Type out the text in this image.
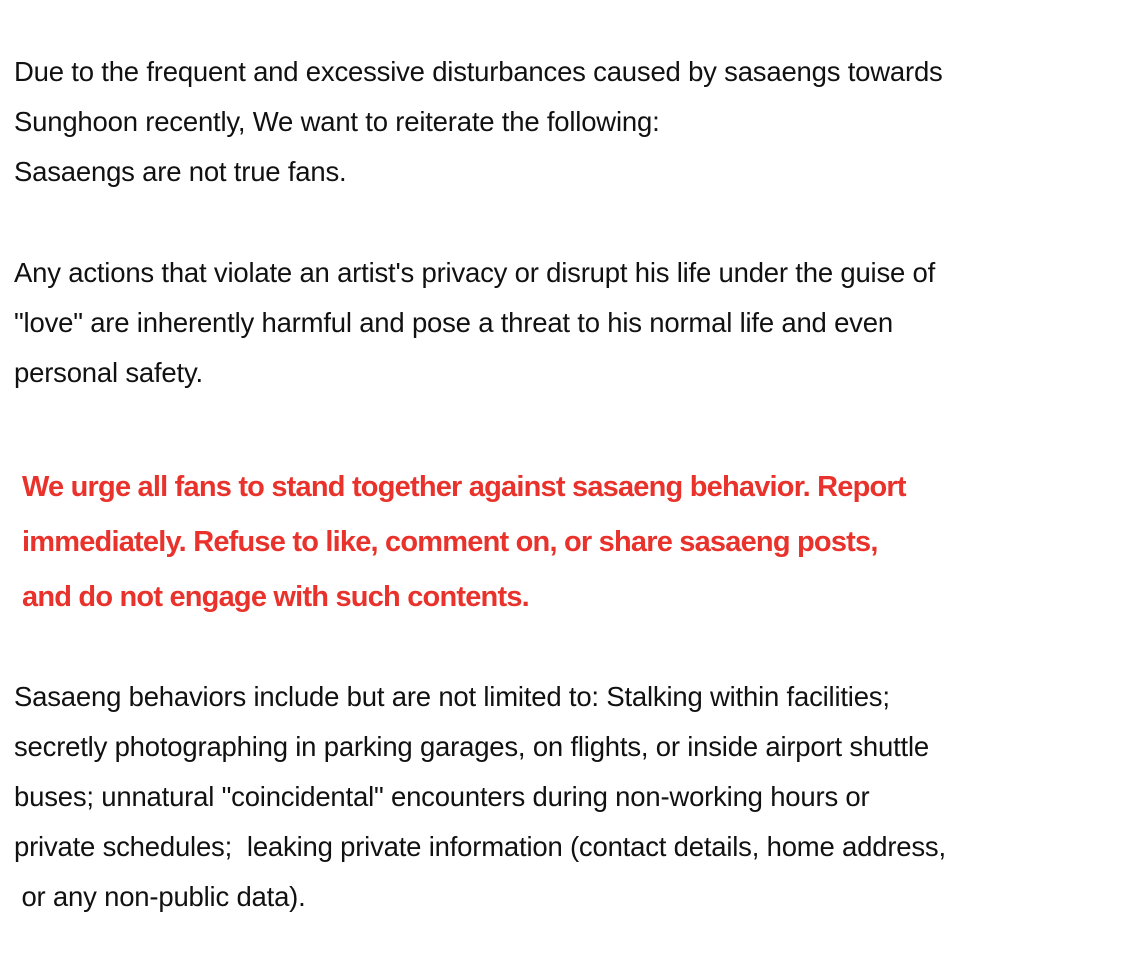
Due to the frequent and excessive disturbances caused by sasaengs towards
Sunghoon recently, We want to reiterate the following:
Sasaengs are not true fans.

Any actions that violate an artist's privacy or disrupt his life under the guise of
"love" are inherently harmful and pose a threat to his normal life and even
personal safety.

We urge all fans to stand together against sasaeng behavior. Report
immediately. Refuse to like, comment on, or share sasaeng posts,
and do not engage with such contents.

Sasaeng behaviors include but are not limited to: Stalking within facilities;
secretly photographing in parking garages, on flights, or inside airport shuttle
buses; unnatural "coincidental" encounters during non-working hours or
private schedules;  leaking private information (contact details, home address,
or any non-public data).
